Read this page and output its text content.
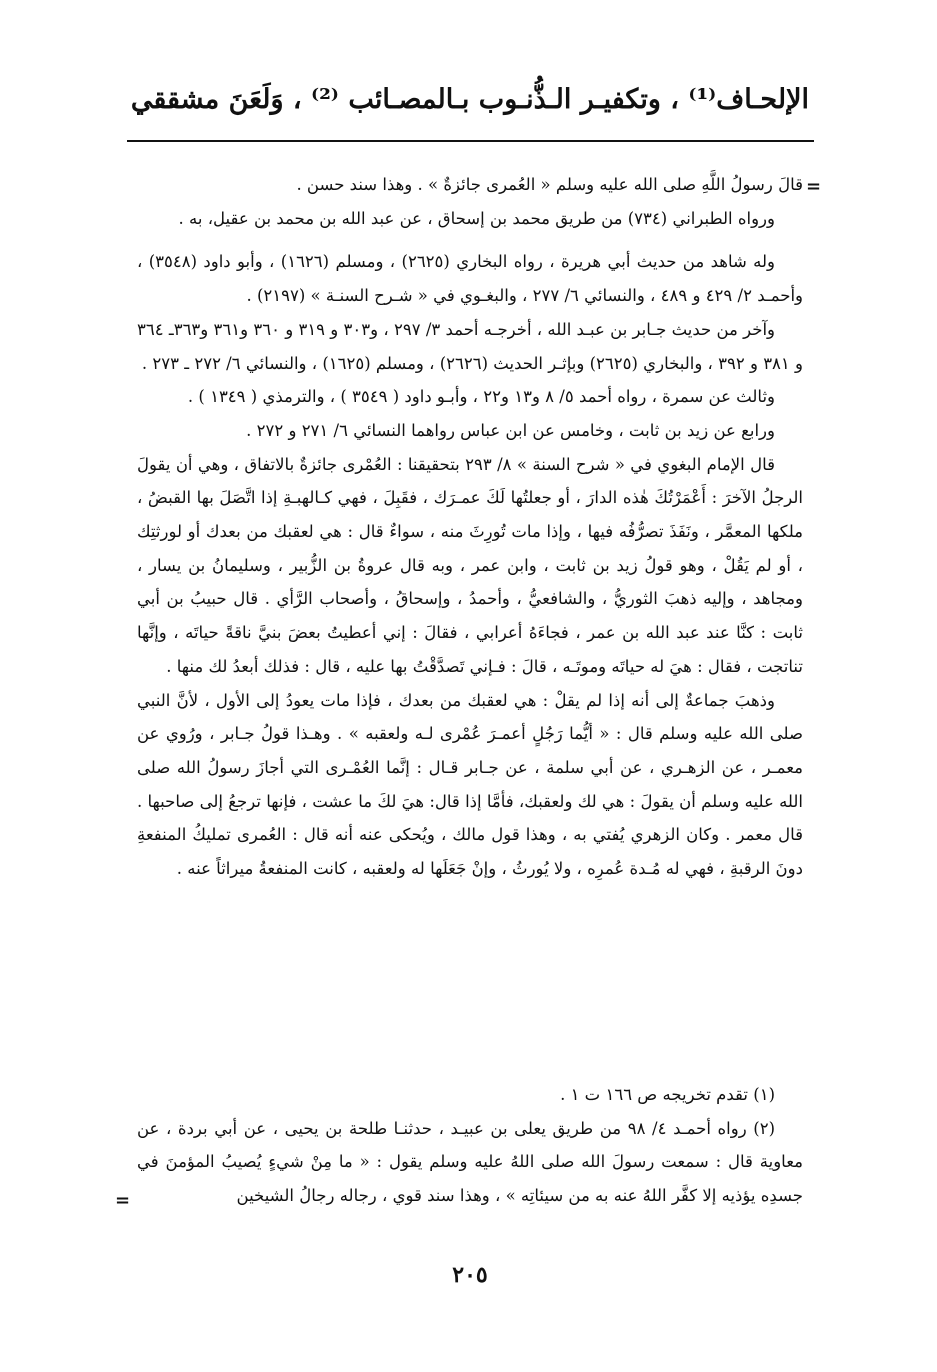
الإلحـاف⁽¹⁾ ، وتكفيـر الـذُّنـوب بـالمصـائب ⁽²⁾ ، وَلَعَنَ مشققي
=

قالَ رسولُ اللَّهِ صلى الله عليه وسلم « العُمرى جائزةٌ » . وهذا سند حسن .

ورواه الطبراني (٧٣٤) من طريق محمد بن إسحاق ، عن عبد الله بن محمد بن عقيل، به .

وله شاهد من حديث أبي هريرة ، رواه البخاري (٢٦٢٥) ، ومسلم (١٦٢٦) ، وأبو داود (٣٥٤٨) ، وأحمـد ٢/ ٤٢٩ و ٤٨٩ ، والنسائي ٦/ ٢٧٧ ، والبغـوي في « شـرح السنـة » (٢١٩٧) .

وآخر من حديث جـابر بن عبـد الله ، أخرجـه أحمد ٣/ ٢٩٧ ، و٣٠٣ و ٣١٩ و ٣٦٠ و٣٦١ و٣٦٣ـ ٣٦٤ و ٣٨١ و ٣٩٢ ، والبخاري (٢٦٢٥) وبإثـر الحديث (٢٦٢٦) ، ومسلم (١٦٢٥) ، والنسائي ٦/ ٢٧٢ ـ ٢٧٣ .

وثالث عن سمرة ، رواه أحمد ٥/ ٨ و١٣ و٢٢ ، وأبـو داود ( ٣٥٤٩ ) ، والترمذي ( ١٣٤٩ ) .

ورابع عن زيد بن ثابت ، وخامس عن ابن عباس رواهما النسائي ٦/ ٢٧١ و ٢٧٢ .

قال الإمام البغوي في « شرح السنة » ٨/ ٢٩٣ بتحقيقنا : العُمْرى جائزةٌ بالاتفاق ، وهي أن يقولَ الرجلُ الآخرَ : أَعْمَرْتُكَ هٰذه الدارَ ، أو جعلتُها لَكَ عمـرَك ، فقَبِلَ ، فهي كـالهبـةِ إذا اتَّصَلَ بها القبضُ ، ملكها المعمَّر ، ونَفَذَ تصرُّفُه فيها ، وإذا مات تُورِثَ منه ، سواءٌ قال : هي لعقبك من بعدك أو لورثتِك ، أو لم يَقُلْ ، وهو قولُ زيد بن ثابت ، وابن عمر ، وبه قال عروةُ بن الزُّبير ، وسليمانُ بن يسار ، ومجاهد ، وإليه ذهبَ الثوريُّ ، والشافعيُّ ، وأحمدُ ، وإسحاقُ ، وأصحاب الرَّأي . قال حبيبُ بن أبي ثابت : كنَّا عند عبد الله بن عمر ، فجاءَهُ أعرابي ، فقالَ : إني أعطيتُ بعضَ بنيَّ ناقةً حياتَه ، وإنَّها تناتجت ، فقال : هيَ له حياتَه وموتَـه ، قالَ : فـإني تَصدَّقْتُ بها عليه ، قال : فذلك أبعدُ لك منها .

وذهبَ جماعةٌ إلى أنه إذا لم يقلْ : هي لعقبك من بعدك ، فإذا مات يعودُ إلى الأول ، لأنَّ النبي صلى الله عليه وسلم قال : « أيُّما رَجُلٍ أعمـرَ عُمْرى لـه ولعقبه » . وهـذا قولُ جـابر ، ورُوي عن معمـر ، عن الزهـري ، عن أبي سلمة ، عن جـابر قـال : إنَّما العُمْـرى التي أجازَ رسولُ الله صلى الله عليه وسلم أن يقولَ : هي لك ولعقبك، فأمَّا إذا قال: هيَ لكَ ما عشت ، فإنها ترجعُ إلى صاحبها . قال معمر . وكان الزهري يُفتي به ، وهذا قول مالك ، ويُحكى عنه أنه قال : العُمرى تمليكُ المنفعةِ دونَ الرقبةِ ، فهي له مُـدة عُمرِه ، ولا يُورثُ ، وإنْ جَعَلَها له ولعقبه ، كانت المنفعةُ ميراثاً عنه .

(١) تقدم تخريجه ص ١٦٦ ت ١ .

(٢) رواه أحمـد ٤/ ٩٨ من طريق يعلى بن عبيـد ، حدثنـا طلحة بن يحيى ، عن أبي بردة ، عن معاوية قال : سمعت رسولَ الله صلى اللهُ عليه وسلم يقول : « ما مِنْ شيءٍ يُصيبُ المؤمنَ في جسدِه يؤذيه إلا كفَّر اللهُ عنه به من سيئاتِه » ، وهذا سند قوي ، رجاله رجالُ الشيخين

=
٢٠٥
